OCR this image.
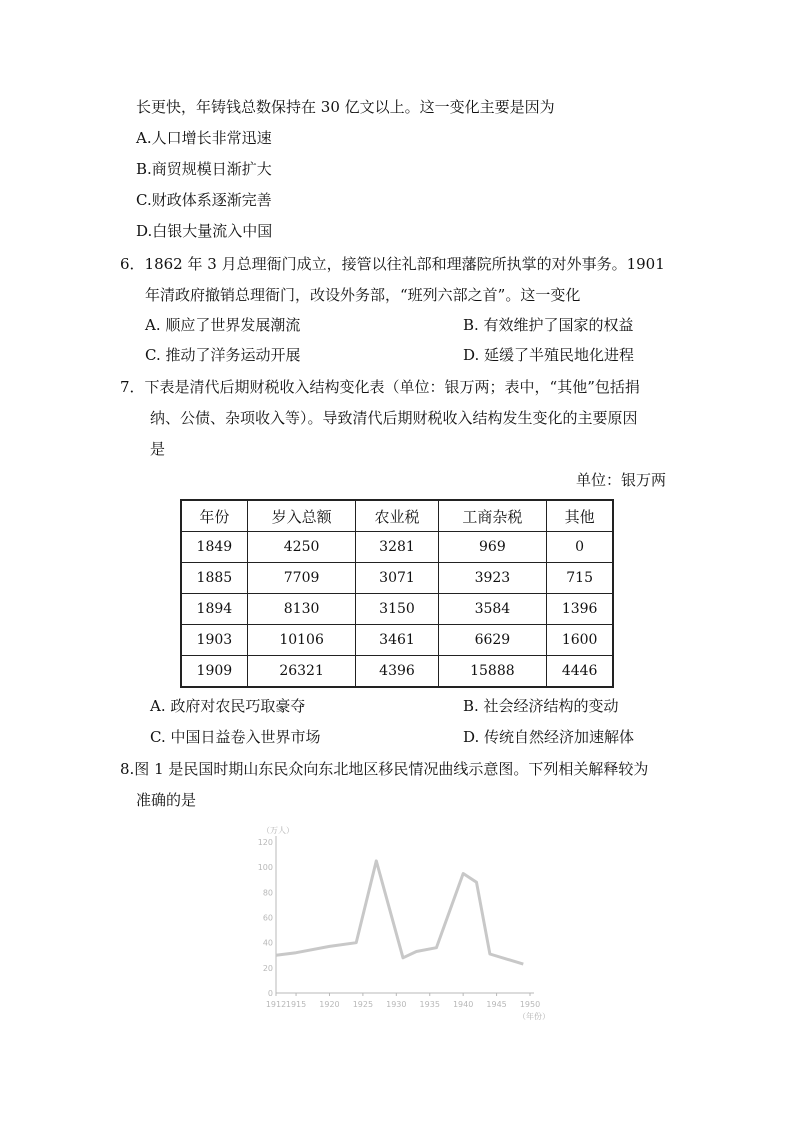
长更快，年铸钱总数保持在 30 亿文以上。这一变化主要是因为
A.人口增长非常迅速
B.商贸规模日渐扩大
C.财政体系逐渐完善
D.白银大量流入中国
6．1862 年 3 月总理衙门成立，接管以往礼部和理藩院所执掌的对外事务。1901
年清政府撤销总理衙门，改设外务部，“班列六部之首”。这一变化
A. 顺应了世界发展潮流	B. 有效维护了国家的权益
C. 推动了洋务运动开展	D. 延缓了半殖民地化进程
7．下表是清代后期财税收入结构变化表（单位：银万两；表中，“其他”包括捐
纳、公债、杂项收入等）。导致清代后期财税收入结构发生变化的主要原因
是
单位：银万两
年份	岁入总额	农业税	工商杂税	其他
1849	4250	3281	969	0
1885	7709	3071	3923	715
1894	8130	3150	3584	1396
1903	10106	3461	6629	1600
1909	26321	4396	15888	4446
A. 政府对农民巧取豪夺	B. 社会经济结构的变动
C. 中国日益卷入世界市场	D. 传统自然经济加速解体
8.图 1 是民国时期山东民众向东北地区移民情况曲线示意图。下列相关解释较为
准确的是
（万人）
（年份）
0
20
40
60
80
100
120
1912 1915 1920 1925 1930 1935 1940 1945 1950
